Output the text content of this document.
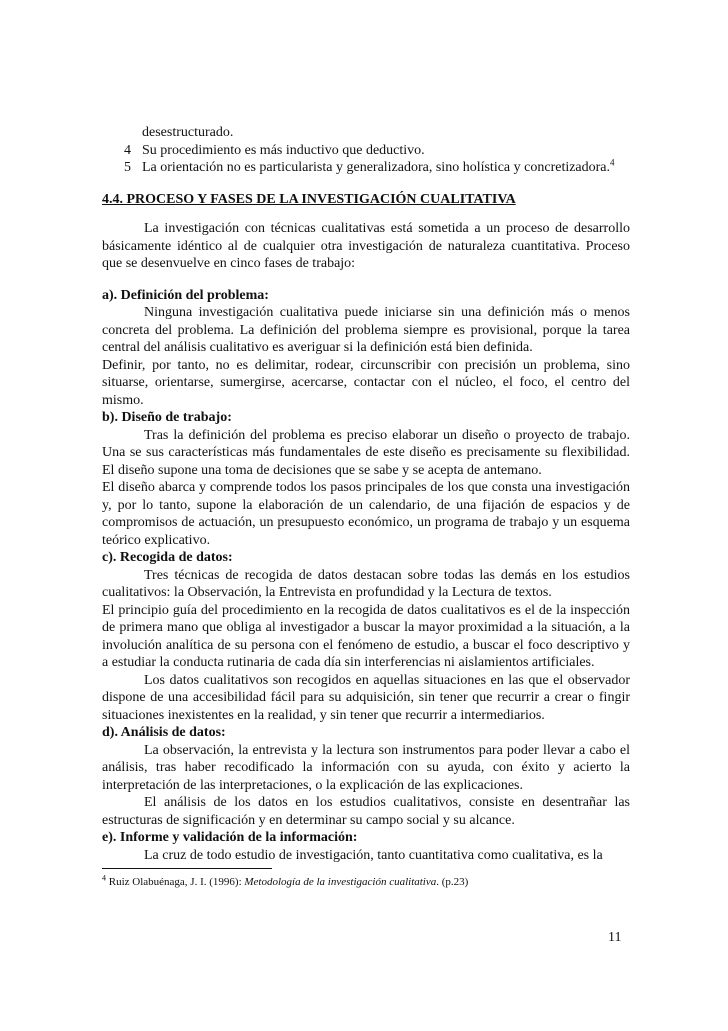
desestructurado.
4 Su procedimiento es más inductivo que deductivo.
5 La orientación no es particularista y generalizadora, sino holística y concretizadora.$^4$
4.4. PROCESO Y FASES DE LA INVESTIGACIÓN CUALITATIVA

La investigación con técnicas cualitativas está sometida a un proceso de desarrollo básicamente idéntico al de cualquier otra investigación de naturaleza cuantitativa. Proceso que se desenvuelve en cinco fases de trabajo:

a). Definición del problema:

Ninguna investigación cualitativa puede iniciarse sin una definición más o menos concreta del problema. La definición del problema siempre es provisional, porque la tarea central del análisis cualitativo es averiguar si la definición está bien definida.

Definir, por tanto, no es delimitar, rodear, circunscribir con precisión un problema, sino situarse, orientarse, sumergirse, acercarse, contactar con el núcleo, el foco, el centro del mismo.

b). Diseño de trabajo:

Tras la definición del problema es preciso elaborar un diseño o proyecto de trabajo. Una se sus características más fundamentales de este diseño es precisamente su flexibilidad. El diseño supone una toma de decisiones que se sabe y se acepta de antemano.

El diseño abarca y comprende todos los pasos principales de los que consta una investigación y, por lo tanto, supone la elaboración de un calendario, de una fijación de espacios y de compromisos de actuación, un presupuesto económico, un programa de trabajo y un esquema teórico explicativo.

c). Recogida de datos:

Tres técnicas de recogida de datos destacan sobre todas las demás en los estudios cualitativos: la Observación, la Entrevista en profundidad y la Lectura de textos.

El principio guía del procedimiento en la recogida de datos cualitativos es el de la inspección de primera mano que obliga al investigador a buscar la mayor proximidad a la situación, a la involución analítica de su persona con el fenómeno de estudio, a buscar el foco descriptivo y a estudiar la conducta rutinaria de cada día sin interferencias ni aislamientos artificiales.

Los datos cualitativos son recogidos en aquellas situaciones en las que el observador dispone de una accesibilidad fácil para su adquisición, sin tener que recurrir a crear o fingir situaciones inexistentes en la realidad, y sin tener que recurrir a intermediarios.

d). Análisis de datos:

La observación, la entrevista y la lectura son instrumentos para poder llevar a cabo el análisis, tras haber recodificado la información con su ayuda, con éxito y acierto la interpretación de las interpretaciones, o la explicación de las explicaciones.

El análisis de los datos en los estudios cualitativos, consiste en desentrañar las estructuras de significación y en determinar su campo social y su alcance.

e). Informe y validación de la información:

La cruz de todo estudio de investigación, tanto cuantitativa como cualitativa, es la

$^4$ Ruiz Olabuénaga, J. I. (1996): Metodología de la investigación cualitativa. (p.23)
11
